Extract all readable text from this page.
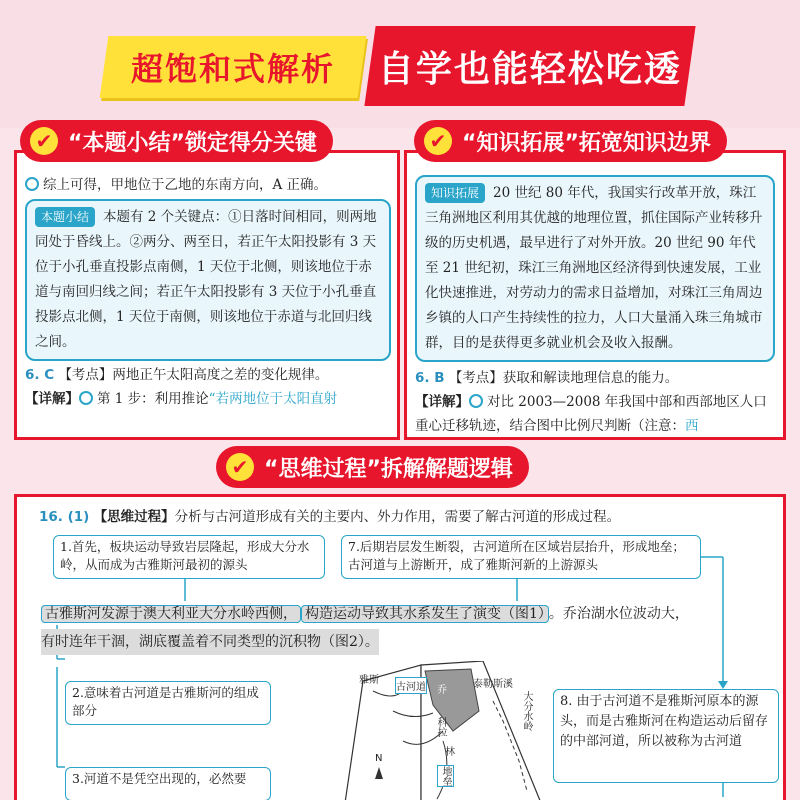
超饱和式解析 自学也能轻松吃透
综上可得，甲地位于乙地的东南方向，A 正确。
本题小结 本题有 2 个关键点：①日落时间相同，则两地同处于昏线上。②两分、两至日，若正午太阳投影有 3 天位于小孔垂直投影点南侧，1 天位于北侧，则该地位于赤道与南回归线之间；若正午太阳投影有 3 天位于小孔垂直投影点北侧，1 天位于南侧，则该地位于赤道与北回归线之间。
6. C 【考点】两地正午太阳高度之差的变化规律。
【详解】 第 1 步：利用推论“若两地位于太阳直射
知识拓展 20 世纪 80 年代，我国实行改革开放，珠江三角洲地区利用其优越的地理位置，抓住国际产业转移升级的历史机遇，最早进行了对外开放。20 世纪 90 年代至 21 世纪初，珠江三角洲地区经济得到快速发展，工业化快速推进，对劳动力的需求日益增加，对珠江三角周边乡镇的人口产生持续性的拉力，人口大量涌入珠三角城市群，目的是获得更多就业机会及收入报酬。
6. B 【考点】获取和解读地理信息的能力。
【详解】 对比 2003—2008 年我国中部和西部地区人口重心迁移轨迹，结合图中比例尺判断（注意：西
✔ “本题小结”锁定得分关键	✔ “知识拓展”拓宽知识边界
16. (1) 【思维过程】分析与古河道形成有关的主要内、外力作用，需要了解古河道的形成过程。
1.首先，板块运动导致岩层隆起，形成大分水岭，从而成为古雅斯河最初的源头
7.后期岩层发生断裂，古河道所在区域岩层抬升，形成地垒；古河道与上游断开，成了雅斯河新的上游源头
古雅斯河发源于澳大利亚大分水岭西侧， 构造运动导致其水系发生了演变（图1） 。乔治湖水位波动大，
有时连年干涸，湖底覆盖着不同类型的沉积物（图2）。
2.意味着古河道是古雅斯河的组成部分
3.河道不是凭空出现的，必然要
8. 由于古河道不是雅斯河原本的源头，而是古雅斯河在构造运动后留存的中部河道，所以被称为古河道
雅斯
古河道 乔
泰勒斯溪
大分水岭
科拉
林
地垒
N
✔ “思维过程”拆解解题逻辑
